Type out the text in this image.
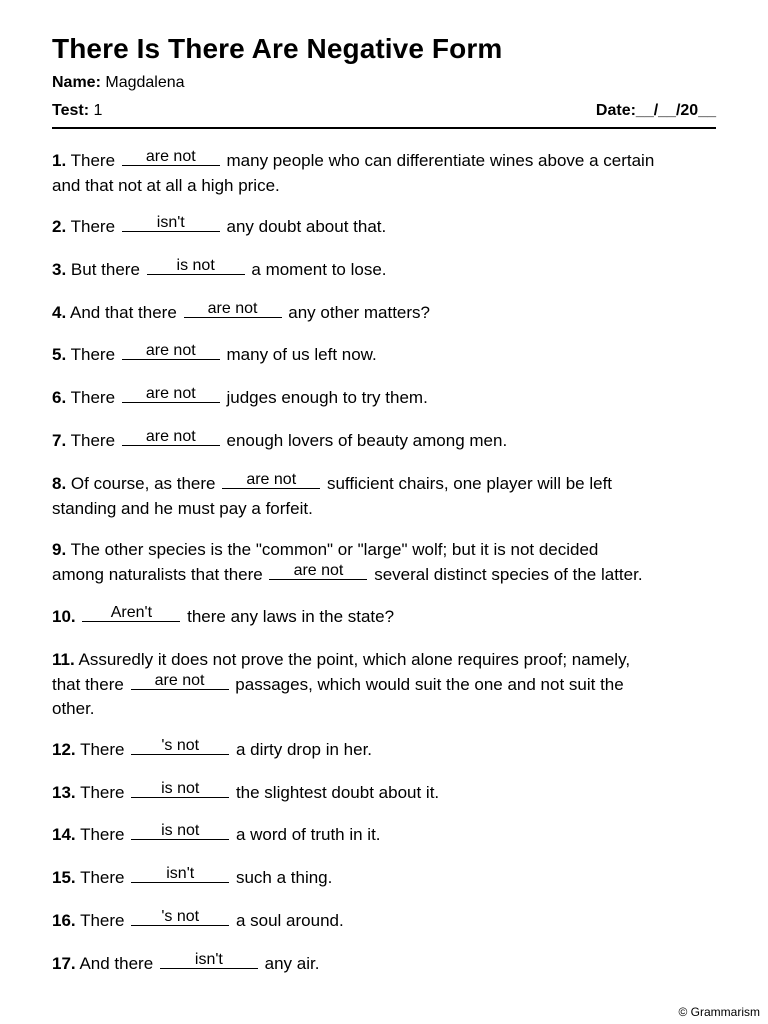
There Is There Are Negative Form
Name: Magdalena
Test: 1	Date:__/__/20__
1. There	are not	many people who can differentiate wines above a certain
and that not at all a high price.
2. There	isn't	any doubt about that.
3. But there	is not	a moment to lose.
4. And that there	are not	any other matters?
5. There	are not	many of us left now.
6. There	are not	judges enough to try them.
7. There	are not	enough lovers of beauty among men.
8. Of course, as there	are not	sufficient chairs, one player will be left
standing and he must pay a forfeit.
9. The other species is the "common" or "large" wolf; but it is not decided
among naturalists that there	are not	several distinct species of the latter.
10.	Aren't	there any laws in the state?
11. Assuredly it does not prove the point, which alone requires proof; namely,
that there	are not	passages, which would suit the one and not suit the
other.
12. There	's not	a dirty drop in her.
13. There	is not	the slightest doubt about it.
14. There	is not	a word of truth in it.
15. There	isn't	such a thing.
16. There	's not	a soul around.
17. And there	isn't	any air.
© Grammarism
